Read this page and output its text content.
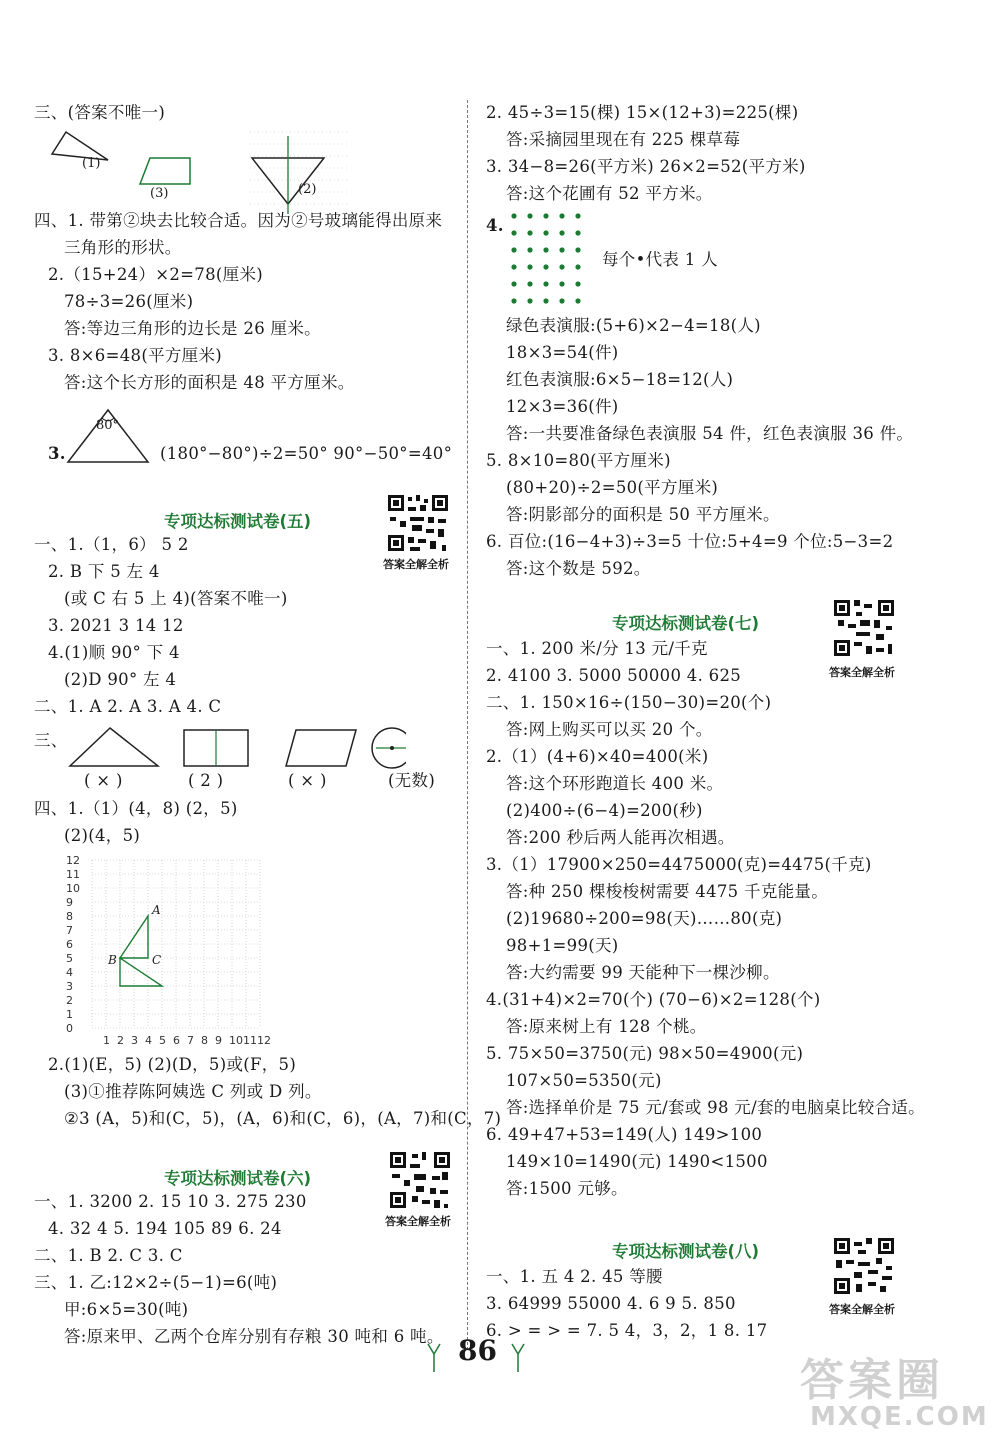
三、(答案不唯一)
(1)
(3)	(2)
四、1. 带第②块去比较合适。因为②号玻璃能得出原来
三角形的形状。
2.（15+24）×2=78(厘米)
78÷3=26(厘米)
答:等边三角形的边长是 26 厘米。
3. 8×6=48(平方厘米)
答:这个长方形的面积是 48 平方厘米。
3.
80°
(180°−80°)÷2=50° 90°−50°=40°
专项达标测试卷(五)
答案全解全析
一、1.（1，6） 5 2
2. B 下 5 左 4
(或 C 右 5 上 4)(答案不唯一)
3. 2021 3 14 12
4.(1)顺 90° 下 4
(2)D 90° 左 4
二、1. A 2. A 3. A 4. C
三、
( × )	( 2 )	( × )	(无数)
四、1.（1）(4，8) (2，5)
(2)(4，5)
12
11
10
9
8
7
6
5
4
3
2
1
0
1 2 3 4 5 6 7 8 9 10 11 12
A
B	C
2.(1)(E，5) (2)(D，5)或(F，5)
(3)①推荐陈阿姨选 C 列或 D 列。
②3 (A，5)和(C，5)，(A，6)和(C，6)，(A，7)和(C，7)
专项达标测试卷(六)
答案全解全析
一、1. 3200 2. 15 10 3. 275 230
4. 32 4 5. 194 105 89 6. 24
二、1. B 2. C 3. C
三、1. 乙:12×2÷(5−1)=6(吨)
甲:6×5=30(吨)
答:原来甲、乙两个仓库分别有存粮 30 吨和 6 吨。
2. 45÷3=15(棵) 15×(12+3)=225(棵)
答:采摘园里现在有 225 棵草莓
3. 34−8=26(平方米) 26×2=52(平方米)
答:这个花圃有 52 平方米。
4.
每个•代表 1 人
绿色表演服:(5+6)×2−4=18(人)
18×3=54(件)
红色表演服:6×5−18=12(人)
12×3=36(件)
答:一共要准备绿色表演服 54 件，红色表演服 36 件。
5. 8×10=80(平方厘米)
(80+20)÷2=50(平方厘米)
答:阴影部分的面积是 50 平方厘米。
6. 百位:(16−4+3)÷3=5 十位:5+4=9 个位:5−3=2
答:这个数是 592。
专项达标测试卷(七)
答案全解全析
一、1. 200 米/分 13 元/千克
2. 4100 3. 5000 50000 4. 625
二、1. 150×16÷(150−30)=20(个)
答:网上购买可以买 20 个。
2.（1）(4+6)×40=400(米)
答:这个环形跑道长 400 米。
(2)400÷(6−4)=200(秒)
答:200 秒后两人能再次相遇。
3.（1）17900×250=4475000(克)=4475(千克)
答:种 250 棵梭梭树需要 4475 千克能量。
(2)19680÷200=98(天)……80(克)
98+1=99(天)
答:大约需要 99 天能种下一棵沙柳。
4.(31+4)×2=70(个) (70−6)×2=128(个)
答:原来树上有 128 个桃。
5. 75×50=3750(元) 98×50=4900(元)
107×50=5350(元)
答:选择单价是 75 元/套或 98 元/套的电脑桌比较合适。
6. 49+47+53=149(人) 149>100
149×10=1490(元) 1490<1500
答:1500 元够。
专项达标测试卷(八)
答案全解全析
一、1. 五 4 2. 45 等腰
3. 64999 55000 4. 6 9 5. 850
6. > = > = 7. 5 4，3，2，1 8. 17
86
答案圈
MXQE.COM
